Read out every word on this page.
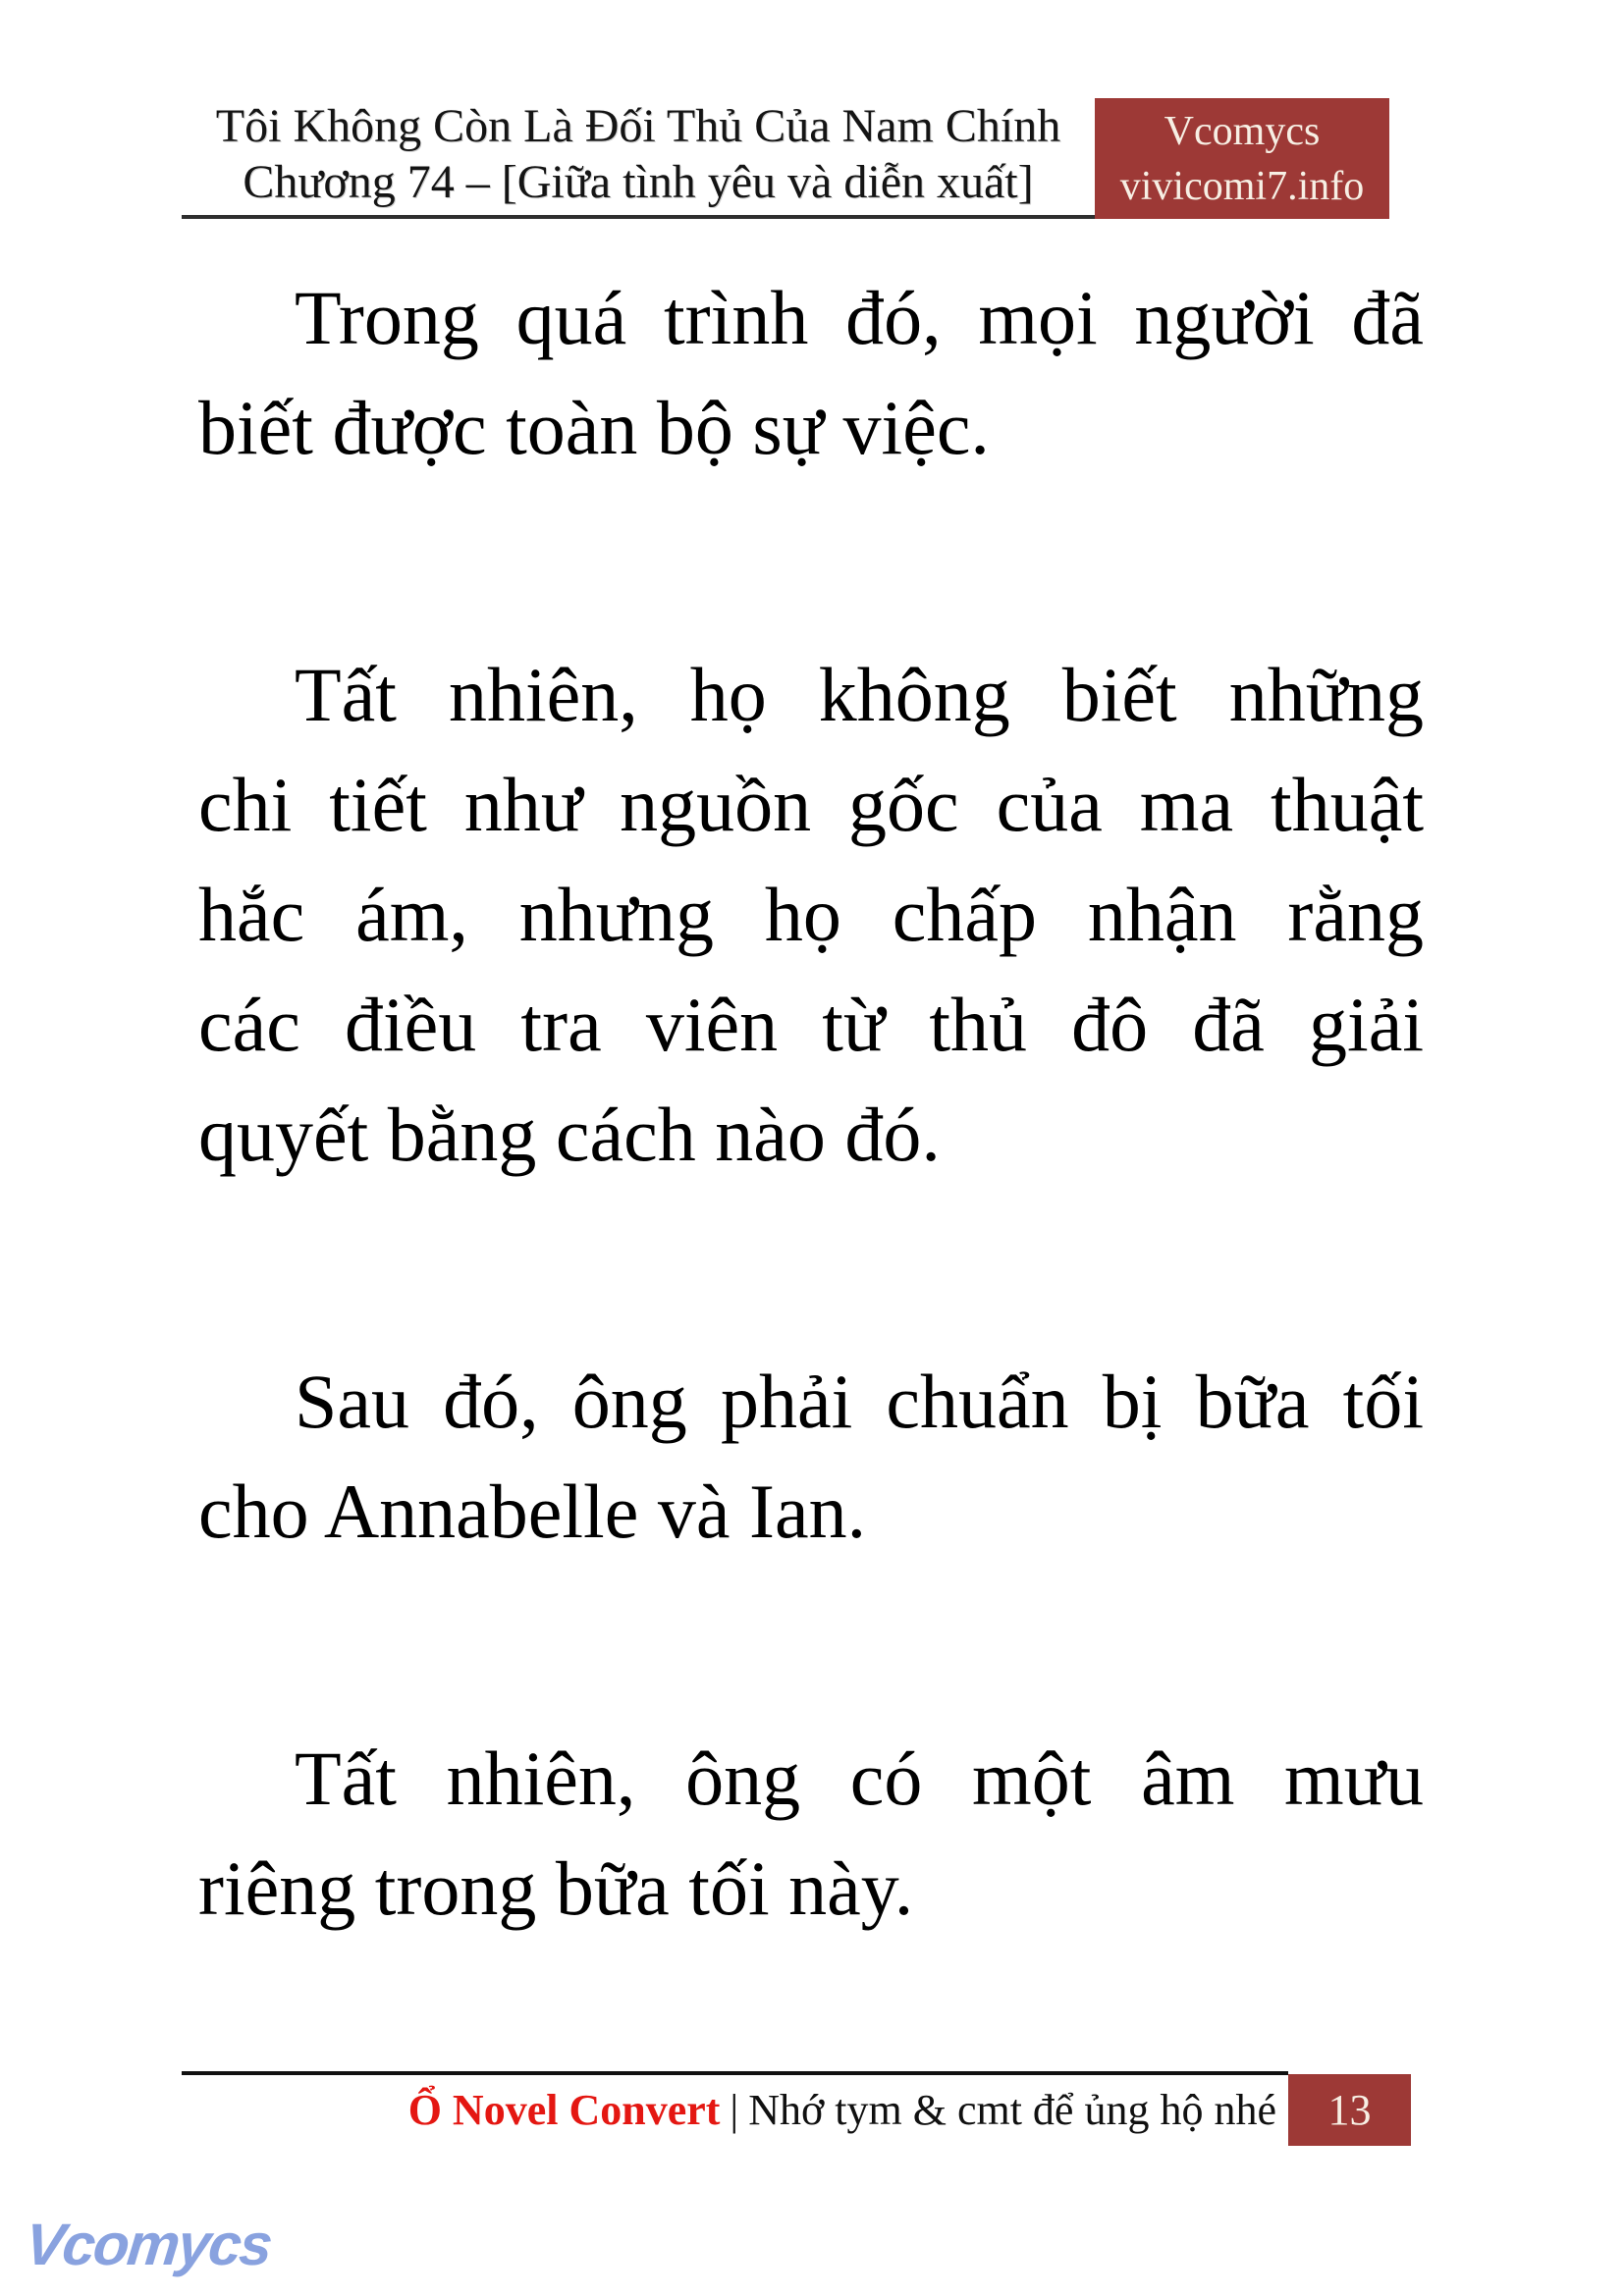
Tôi Không Còn Là Đối Thủ Của Nam Chính
Chương 74 – [Giữa tình yêu và diễn xuất]
Vcomycs
vivicomi7.info
Trong quá trình đó, mọi người đã
biết được toàn bộ sự việc.
Tất nhiên, họ không biết những
chi tiết như nguồn gốc của ma thuật
hắc ám, nhưng họ chấp nhận rằng
các điều tra viên từ thủ đô đã giải
quyết bằng cách nào đó.
Sau đó, ông phải chuẩn bị bữa tối
cho Annabelle và Ian.
Tất nhiên, ông có một âm mưu
riêng trong bữa tối này.
Ổ Novel Convert | Nhớ tym & cmt để ủng hộ nhé	13
Vcomycs
